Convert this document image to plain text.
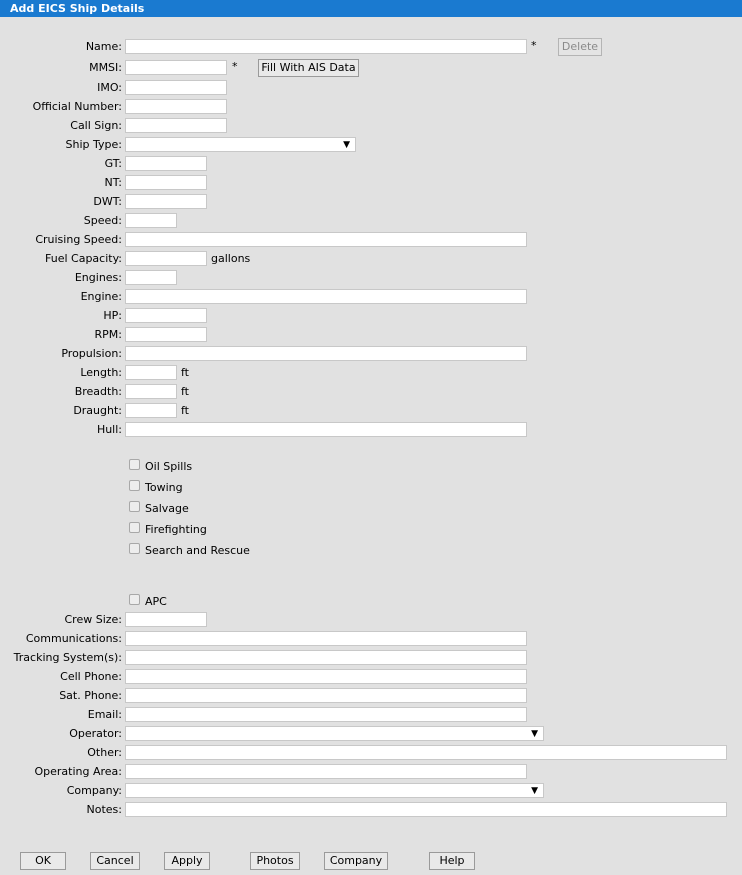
Add EICS Ship Details
Name:	*	Delete
MMSI:	*	Fill With AIS Data
IMO:
Official Number:
Call Sign:
Ship Type:	▼
GT:
NT:
DWT:
Speed:
Cruising Speed:
Fuel Capacity:	gallons
Engines:
Engine:
HP:
RPM:
Propulsion:
Length:	ft
Breadth:	ft
Draught:	ft
Hull:
Oil Spills
Towing
Salvage
Firefighting
Search and Rescue
APC
Crew Size:
Communications:
Tracking System(s):
Cell Phone:
Sat. Phone:
Email:
Operator:	▼
Other:
Operating Area:
Company:	▼
Notes:
OK	Cancel	Apply	Photos	Company	Help
